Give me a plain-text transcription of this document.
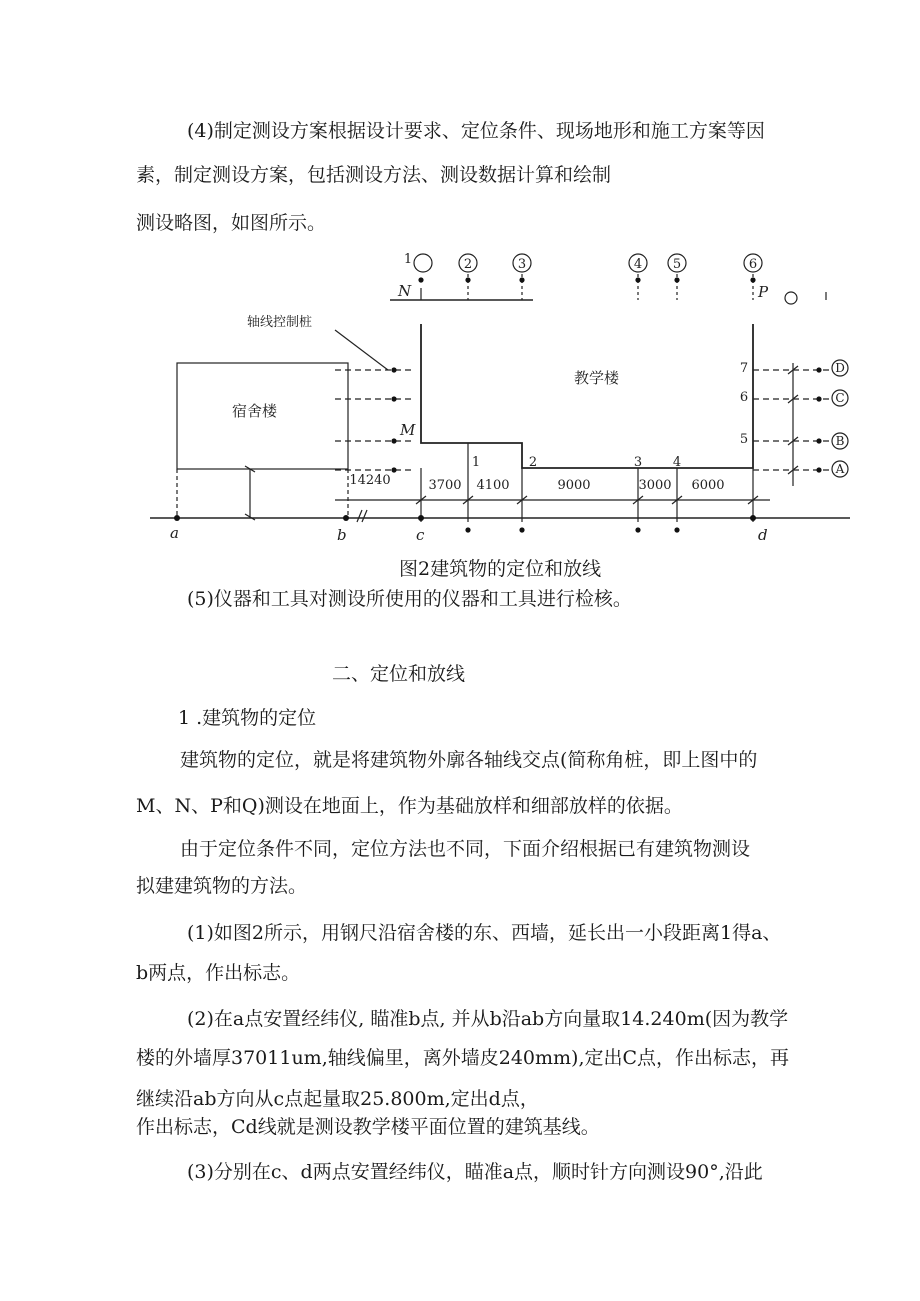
(4)制定测设方案根据设计要求、定位条件、现场地形和施工方案等因
素，制定测设方案，包括测设方法、测设数据计算和绘制
测设略图，如图所示。
1	2	3	4 5	6
D
C
B
A
7
6
5
1	2	3 4
14240	3700 4100	9000	3000 6000
N	P
M
a	b	c	d
轴线控制桩
宿舍楼
教学楼
图2建筑物的定位和放线
(5)仪器和工具对测设所使用的仪器和工具进行检核。
二、定位和放线
1 .建筑物的定位
建筑物的定位，就是将建筑物外廓各轴线交点(简称角桩，即上图中的
M、N、P和Q)测设在地面上，作为基础放样和细部放样的依据。
由于定位条件不同，定位方法也不同，下面介绍根据已有建筑物测设
拟建建筑物的方法。
(1)如图2所示，用钢尺沿宿舍楼的东、西墙，延长出一小段距离1得a、
b两点，作出标志。
(2)在a点安置经纬仪, 瞄准b点, 并从b沿ab方向量取14.240m(因为教学
楼的外墙厚37011um,轴线偏里，离外墙皮240mm),定出C点，作出标志，再
继续沿ab方向从c点起量取25.800m,定出d点，
作出标志，Cd线就是测设教学楼平面位置的建筑基线。
(3)分别在c、d两点安置经纬仪，瞄准a点，顺时针方向测设90°,沿此
